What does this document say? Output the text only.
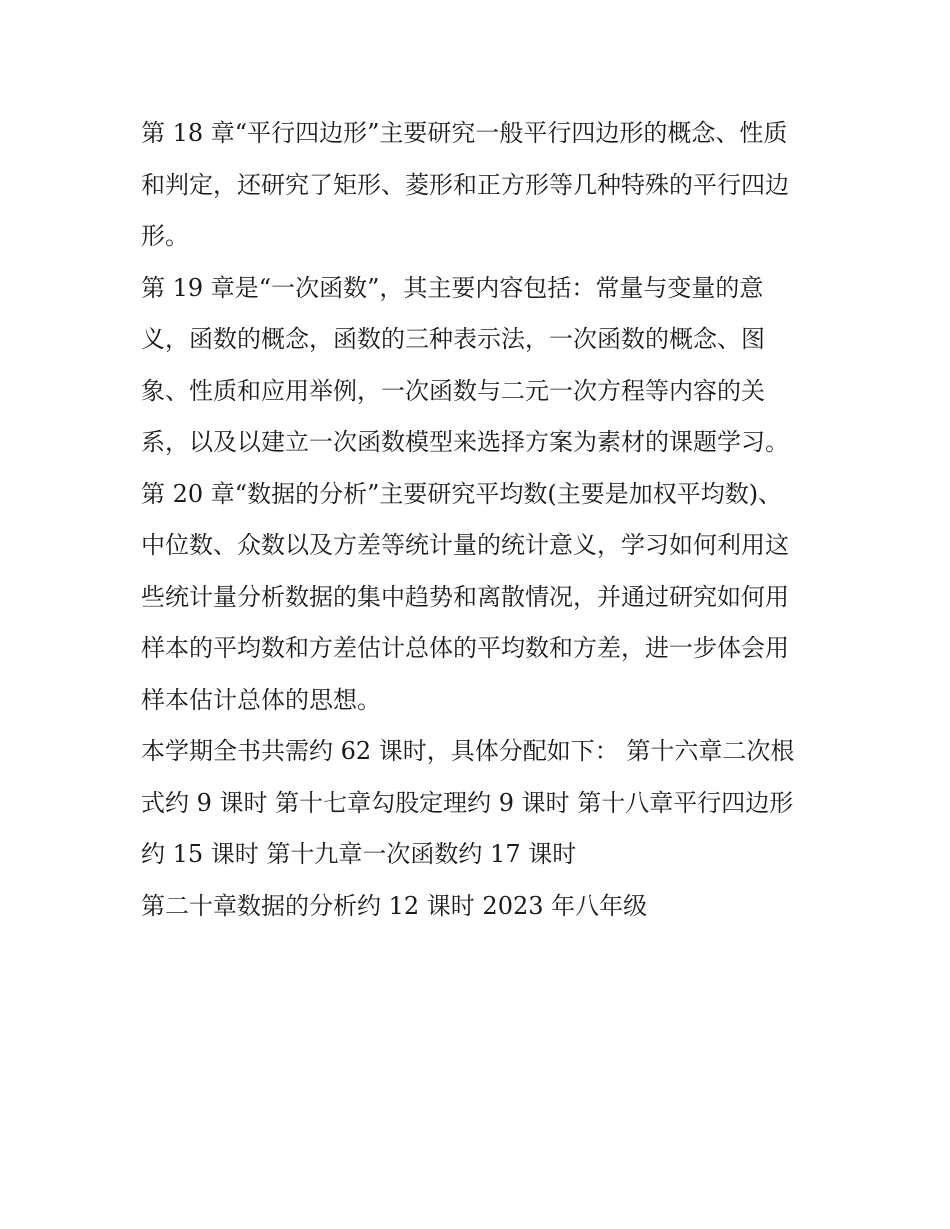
第 18 章“平行四边形”主要研究一般平行四边形的概念、性质
和判定，还研究了矩形、菱形和正方形等几种特殊的平行四边
形。
第 19 章是“一次函数”，其主要内容包括：常量与变量的意
义，函数的概念，函数的三种表示法，一次函数的概念、图
象、性质和应用举例，一次函数与二元一次方程等内容的关
系，以及以建立一次函数模型来选择方案为素材的课题学习。
第 20 章“数据的分析”主要研究平均数(主要是加权平均数)、
中位数、众数以及方差等统计量的统计意义，学习如何利用这
些统计量分析数据的集中趋势和离散情况，并通过研究如何用
样本的平均数和方差估计总体的平均数和方差，进一步体会用
样本估计总体的思想。
本学期全书共需约 62 课时，具体分配如下： 第十六章二次根
式约 9 课时 第十七章勾股定理约 9 课时 第十八章平行四边形
约 15 课时 第十九章一次函数约 17 课时
第二十章数据的分析约 12 课时 2023 年八年级
